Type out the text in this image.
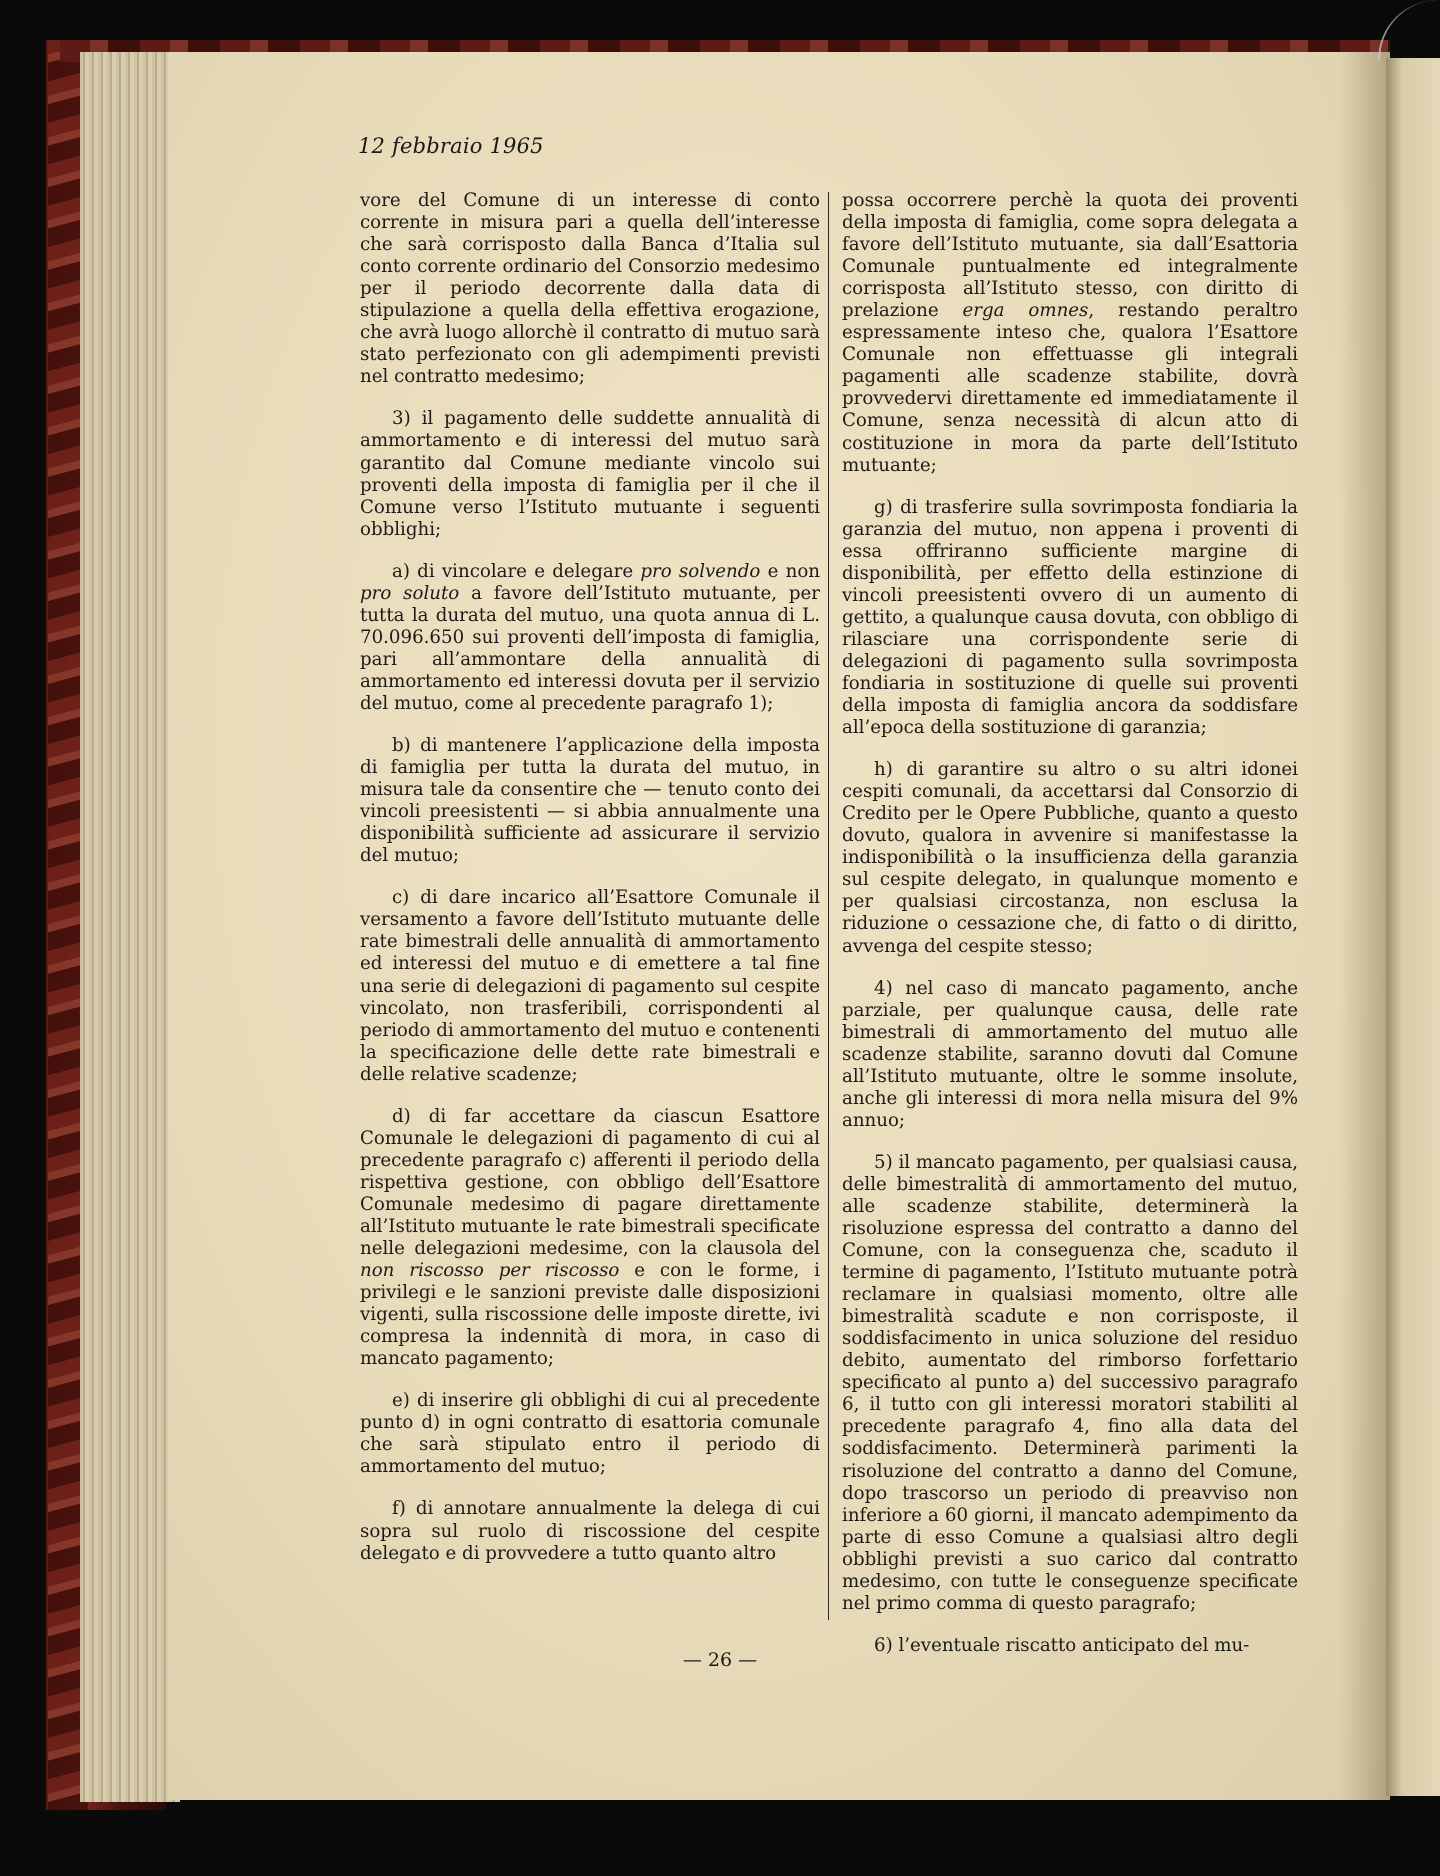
12 febbraio 1965

vore del Comune di un interesse di conto corrente in misura pari a quella dell’interesse che sarà corrisposto dalla Banca d’Italia sul conto corrente ordinario del Consorzio medesimo per il periodo decorrente dalla data di stipulazione a quella della effettiva erogazione, che avrà luogo allorchè il contratto di mutuo sarà stato perfezionato con gli adempimenti previsti nel contratto medesimo;

3) il pagamento delle suddette annualità di ammortamento e di interessi del mutuo sarà garantito dal Comune mediante vincolo sui proventi della imposta di famiglia per il che il Comune verso l’Istituto mutuante i seguenti obblighi;

a) di vincolare e delegare pro solvendo e non pro soluto a favore dell’Istituto mutuante, per tutta la durata del mutuo, una quota annua di L. 70.096.650 sui proventi dell’imposta di famiglia, pari all’ammontare della annualità di ammortamento ed interessi dovuta per il servizio del mutuo, come al precedente paragrafo 1);

b) di mantenere l’applicazione della imposta di famiglia per tutta la durata del mutuo, in misura tale da consentire che — tenuto conto dei vincoli preesistenti — si abbia annualmente una disponibilità sufficiente ad assicurare il servizio del mutuo;

c) di dare incarico all’Esattore Comunale il versamento a favore dell’Istituto mutuante delle rate bimestrali delle annualità di ammortamento ed interessi del mutuo e di emettere a tal fine una serie di delegazioni di pagamento sul cespite vincolato, non trasferibili, corrispondenti al periodo di ammortamento del mutuo e contenenti la specificazione delle dette rate bimestrali e delle relative scadenze;

d) di far accettare da ciascun Esattore Comunale le delegazioni di pagamento di cui al precedente paragrafo c) afferenti il periodo della rispettiva gestione, con obbligo dell’Esattore Comunale medesimo di pagare direttamente all’Istituto mutuante le rate bimestrali specificate nelle delegazioni medesime, con la clausola del non riscosso per riscosso e con le forme, i privilegi e le sanzioni previste dalle disposizioni vigenti, sulla riscossione delle imposte dirette, ivi compresa la indennità di mora, in caso di mancato pagamento;

e) di inserire gli obblighi di cui al precedente punto d) in ogni contratto di esattoria comunale che sarà stipulato entro il periodo di ammortamento del mutuo;

f) di annotare annualmente la delega di cui sopra sul ruolo di riscossione del cespite delegato e di provvedere a tutto quanto altro

possa occorrere perchè la quota dei proventi della imposta di famiglia, come sopra delegata a favore dell’Istituto mutuante, sia dall’Esattoria Comunale puntualmente ed integralmente corrisposta all’Istituto stesso, con diritto di prelazione erga omnes, restando peraltro espressamente inteso che, qualora l’Esattore Comunale non effettuasse gli integrali pagamenti alle scadenze stabilite, dovrà provvedervi direttamente ed immediatamente il Comune, senza necessità di alcun atto di costituzione in mora da parte dell’Istituto mutuante;

g) di trasferire sulla sovrimposta fondiaria la garanzia del mutuo, non appena i proventi di essa offriranno sufficiente margine di disponibilità, per effetto della estinzione di vincoli preesistenti ovvero di un aumento di gettito, a qualunque causa dovuta, con obbligo di rilasciare una corrispondente serie di delegazioni di pagamento sulla sovrimposta fondiaria in sostituzione di quelle sui proventi della imposta di famiglia ancora da soddisfare all’epoca della sostituzione di garanzia;

h) di garantire su altro o su altri idonei cespiti comunali, da accettarsi dal Consorzio di Credito per le Opere Pubbliche, quanto a questo dovuto, qualora in avvenire si manifestasse la indisponibilità o la insufficienza della garanzia sul cespite delegato, in qualunque momento e per qualsiasi circostanza, non esclusa la riduzione o cessazione che, di fatto o di diritto, avvenga del cespite stesso;

4) nel caso di mancato pagamento, anche parziale, per qualunque causa, delle rate bimestrali di ammortamento del mutuo alle scadenze stabilite, saranno dovuti dal Comune all’Istituto mutuante, oltre le somme insolute, anche gli interessi di mora nella misura del 9% annuo;

5) il mancato pagamento, per qualsiasi causa, delle bimestralità di ammortamento del mutuo, alle scadenze stabilite, determinerà la risoluzione espressa del contratto a danno del Comune, con la conseguenza che, scaduto il termine di pagamento, l’Istituto mutuante potrà reclamare in qualsiasi momento, oltre alle bimestralità scadute e non corrisposte, il soddisfacimento in unica soluzione del residuo debito, aumentato del rimborso forfettario specificato al punto a) del successivo paragrafo 6, il tutto con gli interessi moratori stabiliti al precedente paragrafo 4, fino alla data del soddisfacimento. Determinerà parimenti la risoluzione del contratto a danno del Comune, dopo trascorso un periodo di preavviso non inferiore a 60 giorni, il mancato adempimento da parte di esso Comune a qualsiasi altro degli obblighi previsti a suo carico dal contratto medesimo, con tutte le conseguenze specificate nel primo comma di questo paragrafo;

6) l’eventuale riscatto anticipato del mu-

— 26 —
